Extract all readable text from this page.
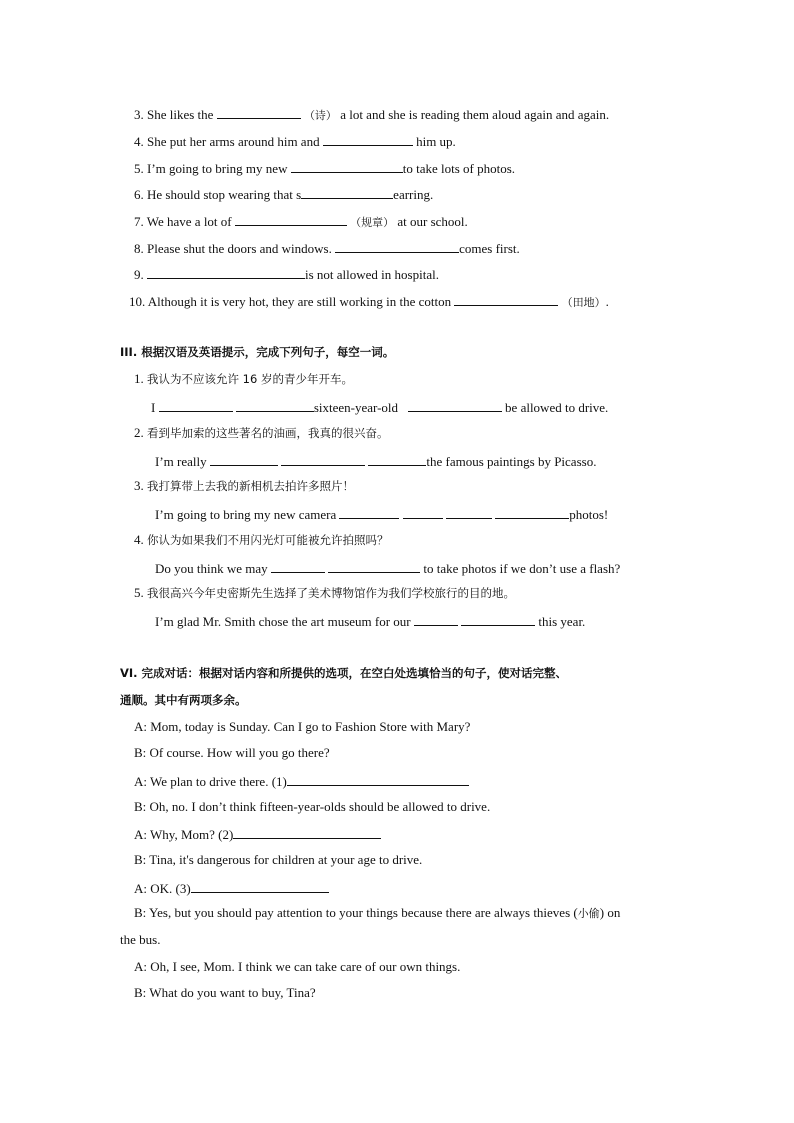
3. She likes the	（诗） a lot and she is reading them aloud again and again.
4. She put her arms around him and	him up.
5. I’m going to bring my new	to take lots of photos.
6. He should stop wearing that s	earring.
7. We have a lot of	（规章） at our school.
8. Please shut the doors and windows.	comes first.
9.	is not allowed in hospital.
10. Although it is very hot, they are still working in the cotton	（田地）.
III. 根据汉语及英语提示，完成下列句子，每空一词。
1. 我认为不应该允许 16 岁的青少年开车。
I	sixteen-year-old	be allowed to drive.
2. 看到毕加索的这些著名的油画，我真的很兴奋。
I’m really	the famous paintings by Picasso.
3. 我打算带上去我的新相机去拍许多照片！
I’m going to bring my new camera	photos!
4. 你认为如果我们不用闪光灯可能被允许拍照吗？
Do you think we may	to take photos if we don’t use a flash?
5. 我很高兴今年史密斯先生选择了美术博物馆作为我们学校旅行的目的地。
I’m glad Mr. Smith chose the art museum for our	this year.
VI. 完成对话：根据对话内容和所提供的选项，在空白处选填恰当的句子，使对话完整、
通顺。其中有两项多余。
A: Mom, today is Sunday. Can I go to Fashion Store with Mary?
B: Of course. How will you go there?
A: We plan to drive there. (1)
B: Oh, no. I don’t think fifteen-year-olds should be allowed to drive.
A: Why, Mom? (2)
B: Tina, it's dangerous for children at your age to drive.
A: OK. (3)
B: Yes, but you should pay attention to your things because there are always thieves (小偷) on
the bus.
A: Oh, I see, Mom. I think we can take care of our own things.
B: What do you want to buy, Tina?
